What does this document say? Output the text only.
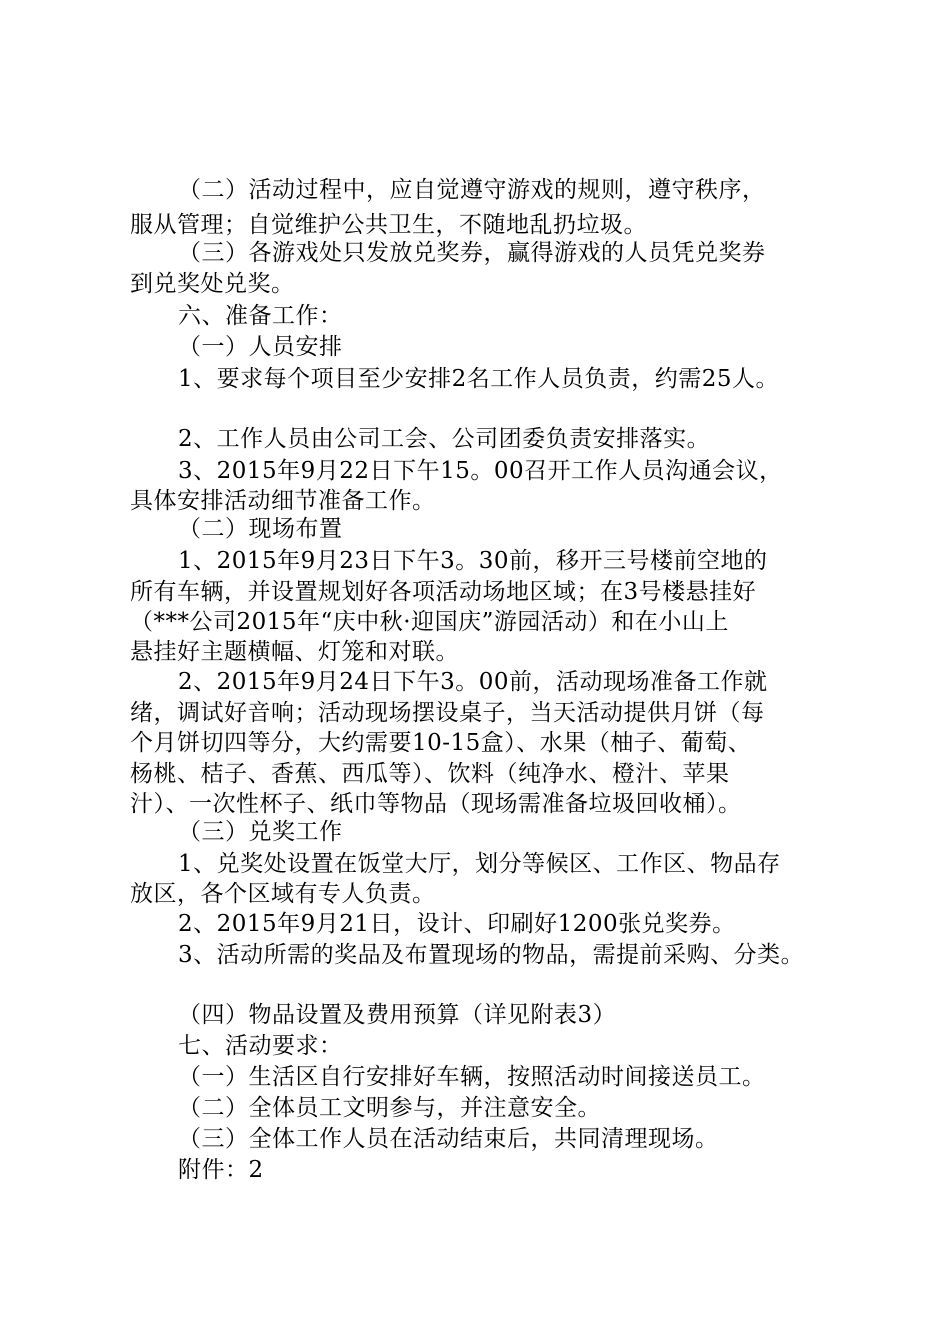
（二）活动过程中，应自觉遵守游戏的规则，遵守秩序，
服从管理；自觉维护公共卫生，不随地乱扔垃圾。
（三）各游戏处只发放兑奖券，赢得游戏的人员凭兑奖券
到兑奖处兑奖。
六、准备工作：
（一）人员安排
1、要求每个项目至少安排2名工作人员负责，约需25人。
2、工作人员由公司工会、公司团委负责安排落实。
3、2015年9月22日下午15。00召开工作人员沟通会议，
具体安排活动细节准备工作。
（二）现场布置
1、2015年9月23日下午3。30前，移开三号楼前空地的
所有车辆，并设置规划好各项活动场地区域；在3号楼悬挂好
（***公司2015年“庆中秋·迎国庆”游园活动）和在小山上
悬挂好主题横幅、灯笼和对联。
2、2015年9月24日下午3。00前，活动现场准备工作就
绪，调试好音响；活动现场摆设桌子，当天活动提供月饼（每
个月饼切四等分，大约需要10-15盒）、水果（柚子、葡萄、
杨桃、桔子、香蕉、西瓜等）、饮料（纯净水、橙汁、苹果
汁）、一次性杯子、纸巾等物品（现场需准备垃圾回收桶）。
（三）兑奖工作
1、兑奖处设置在饭堂大厅，划分等候区、工作区、物品存
放区，各个区域有专人负责。
2、2015年9月21日，设计、印刷好1200张兑奖券。
3、活动所需的奖品及布置现场的物品，需提前采购、分类。
（四）物品设置及费用预算（详见附表3）
七、活动要求：
（一）生活区自行安排好车辆，按照活动时间接送员工。
（二）全体员工文明参与，并注意安全。
（三）全体工作人员在活动结束后，共同清理现场。
附件：2
